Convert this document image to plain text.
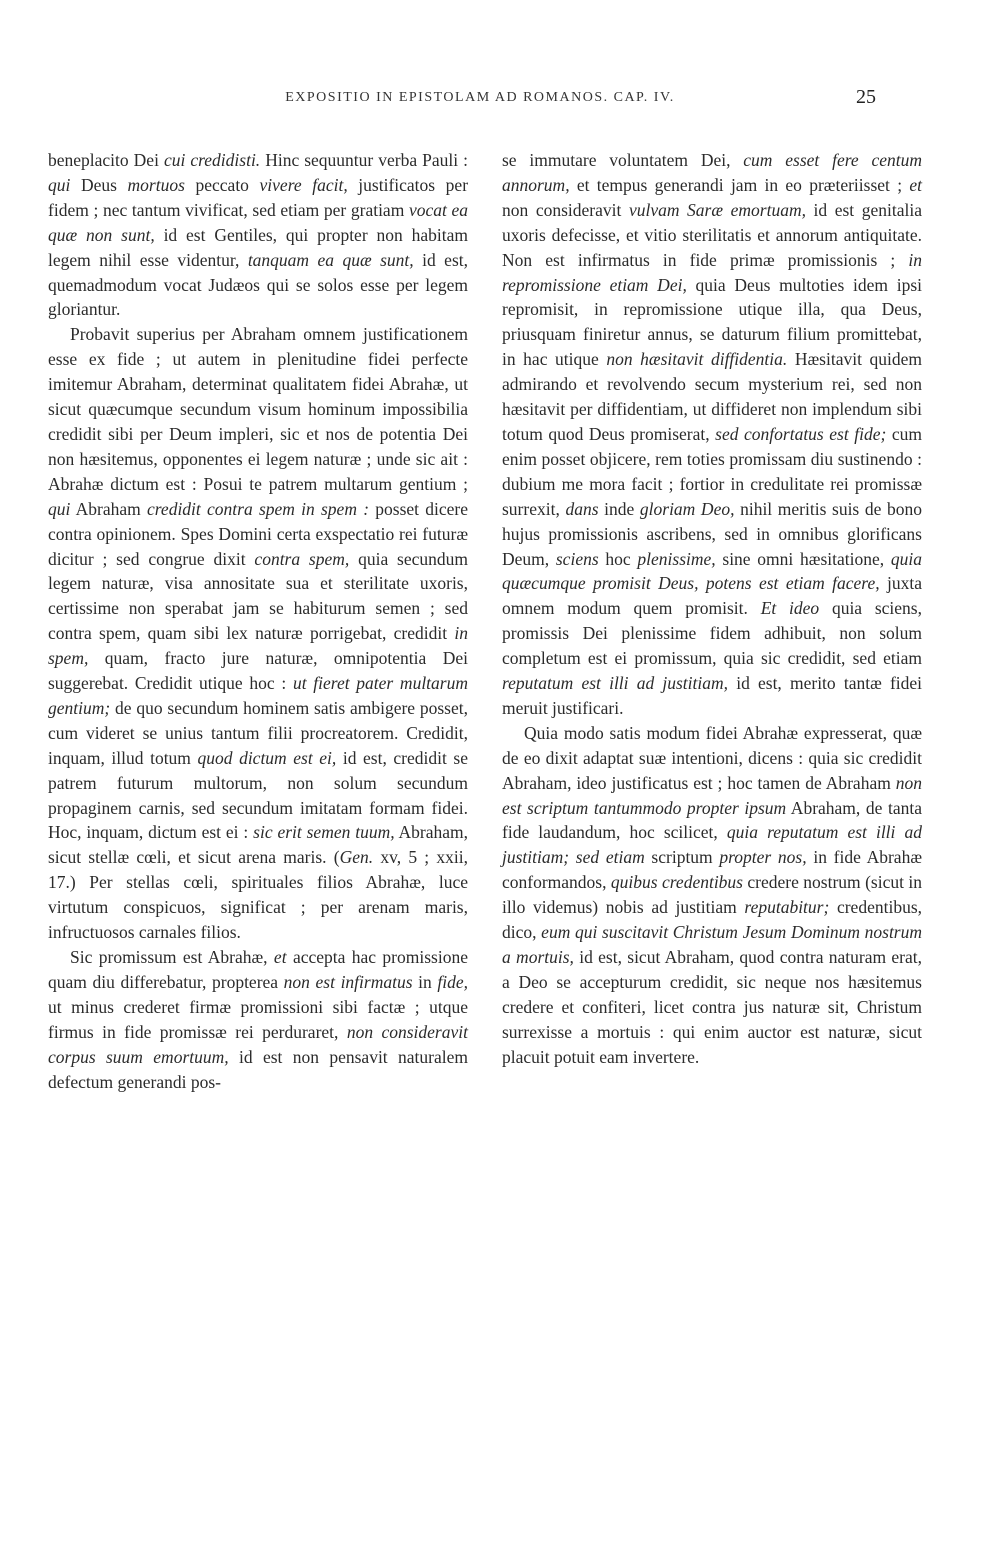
EXPOSITIO IN EPISTOLAM AD ROMANOS. CAP. IV.	25

beneplacito Dei cui credidisti. Hinc sequuntur verba Pauli : qui Deus mortuos peccato vivere facit, justificatos per fidem ; nec tantum vivificat, sed etiam per gratiam vocat ea quæ non sunt, id est Gentiles, qui propter non habitam legem nihil esse videntur, tanquam ea quæ sunt, id est, quemadmodum vocat Judæos qui se solos esse per legem gloriantur.

Probavit superius per Abraham omnem justificationem esse ex fide ; ut autem in plenitudine fidei perfecte imitemur Abraham, determinat qualitatem fidei Abrahæ, ut sicut quæcumque secundum visum hominum impossibilia credidit sibi per Deum impleri, sic et nos de potentia Dei non hæsitemus, opponentes ei legem naturæ ; unde sic ait : Abrahæ dictum est : Posui te patrem multarum gentium ; qui Abraham credidit contra spem in spem : posset dicere contra opinionem. Spes Domini certa exspectatio rei futuræ dicitur ; sed congrue dixit contra spem, quia secundum legem naturæ, visa annositate sua et sterilitate uxoris, certissime non sperabat jam se habiturum semen ; sed contra spem, quam sibi lex naturæ porrigebat, credidit in spem, quam, fracto jure naturæ, omnipotentia Dei suggerebat. Credidit utique hoc : ut fieret pater multarum gentium; de quo secundum hominem satis ambigere posset, cum videret se unius tantum filii procreatorem. Credidit, inquam, illud totum quod dictum est ei, id est, credidit se patrem futurum multorum, non solum secundum propaginem carnis, sed secundum imitatam formam fidei. Hoc, inquam, dictum est ei : sic erit semen tuum, Abraham, sicut stellæ cœli, et sicut arena maris. (Gen. xv, 5 ; xxii, 17.) Per stellas cœli, spirituales filios Abrahæ, luce virtutum conspicuos, significat ; per arenam maris, infructuosos carnales filios.

Sic promissum est Abrahæ, et accepta hac promissione quam diu differebatur, propterea non est infirmatus in fide, ut minus crederet firmæ promissioni sibi factæ ; utque firmus in fide promissæ rei perduraret, non consideravit corpus suum emortuum, id est non pensavit naturalem defectum generandi pos-

se immutare voluntatem Dei, cum esset fere centum annorum, et tempus generandi jam in eo præteriisset ; et non consideravit vulvam Saræ emortuam, id est genitalia uxoris defecisse, et vitio sterilitatis et annorum antiquitate. Non est infirmatus in fide primæ promissionis ; in repromissione etiam Dei, quia Deus multoties idem ipsi repromisit, in repromissione utique illa, qua Deus, priusquam finiretur annus, se daturum filium promittebat, in hac utique non hæsitavit diffidentia. Hæsitavit quidem admirando et revolvendo secum mysterium rei, sed non hæsitavit per diffidentiam, ut diffideret non implendum sibi totum quod Deus promiserat, sed confortatus est fide; cum enim posset objicere, rem toties promissam diu sustinendo : dubium me mora facit ; fortior in credulitate rei promissæ surrexit, dans inde gloriam Deo, nihil meritis suis de bono hujus promissionis ascribens, sed in omnibus glorificans Deum, sciens hoc plenissime, sine omni hæsitatione, quia quæcumque promisit Deus, potens est etiam facere, juxta omnem modum quem promisit. Et ideo quia sciens, promissis Dei plenissime fidem adhibuit, non solum completum est ei promissum, quia sic credidit, sed etiam reputatum est illi ad justitiam, id est, merito tantæ fidei meruit justificari.

Quia modo satis modum fidei Abrahæ expresserat, quæ de eo dixit adaptat suæ intentioni, dicens : quia sic credidit Abraham, ideo justificatus est ; hoc tamen de Abraham non est scriptum tantummodo propter ipsum Abraham, de tanta fide laudandum, hoc scilicet, quia reputatum est illi ad justitiam; sed etiam scriptum propter nos, in fide Abrahæ conformandos, quibus credentibus credere nostrum (sicut in illo videmus) nobis ad justitiam reputabitur; credentibus, dico, eum qui suscitavit Christum Jesum Dominum nostrum a mortuis, id est, sicut Abraham, quod contra naturam erat, a Deo se accepturum credidit, sic neque nos hæsitemus credere et confiteri, licet contra jus naturæ sit, Christum surrexisse a mortuis : qui enim auctor est naturæ, sicut placuit potuit eam invertere.
